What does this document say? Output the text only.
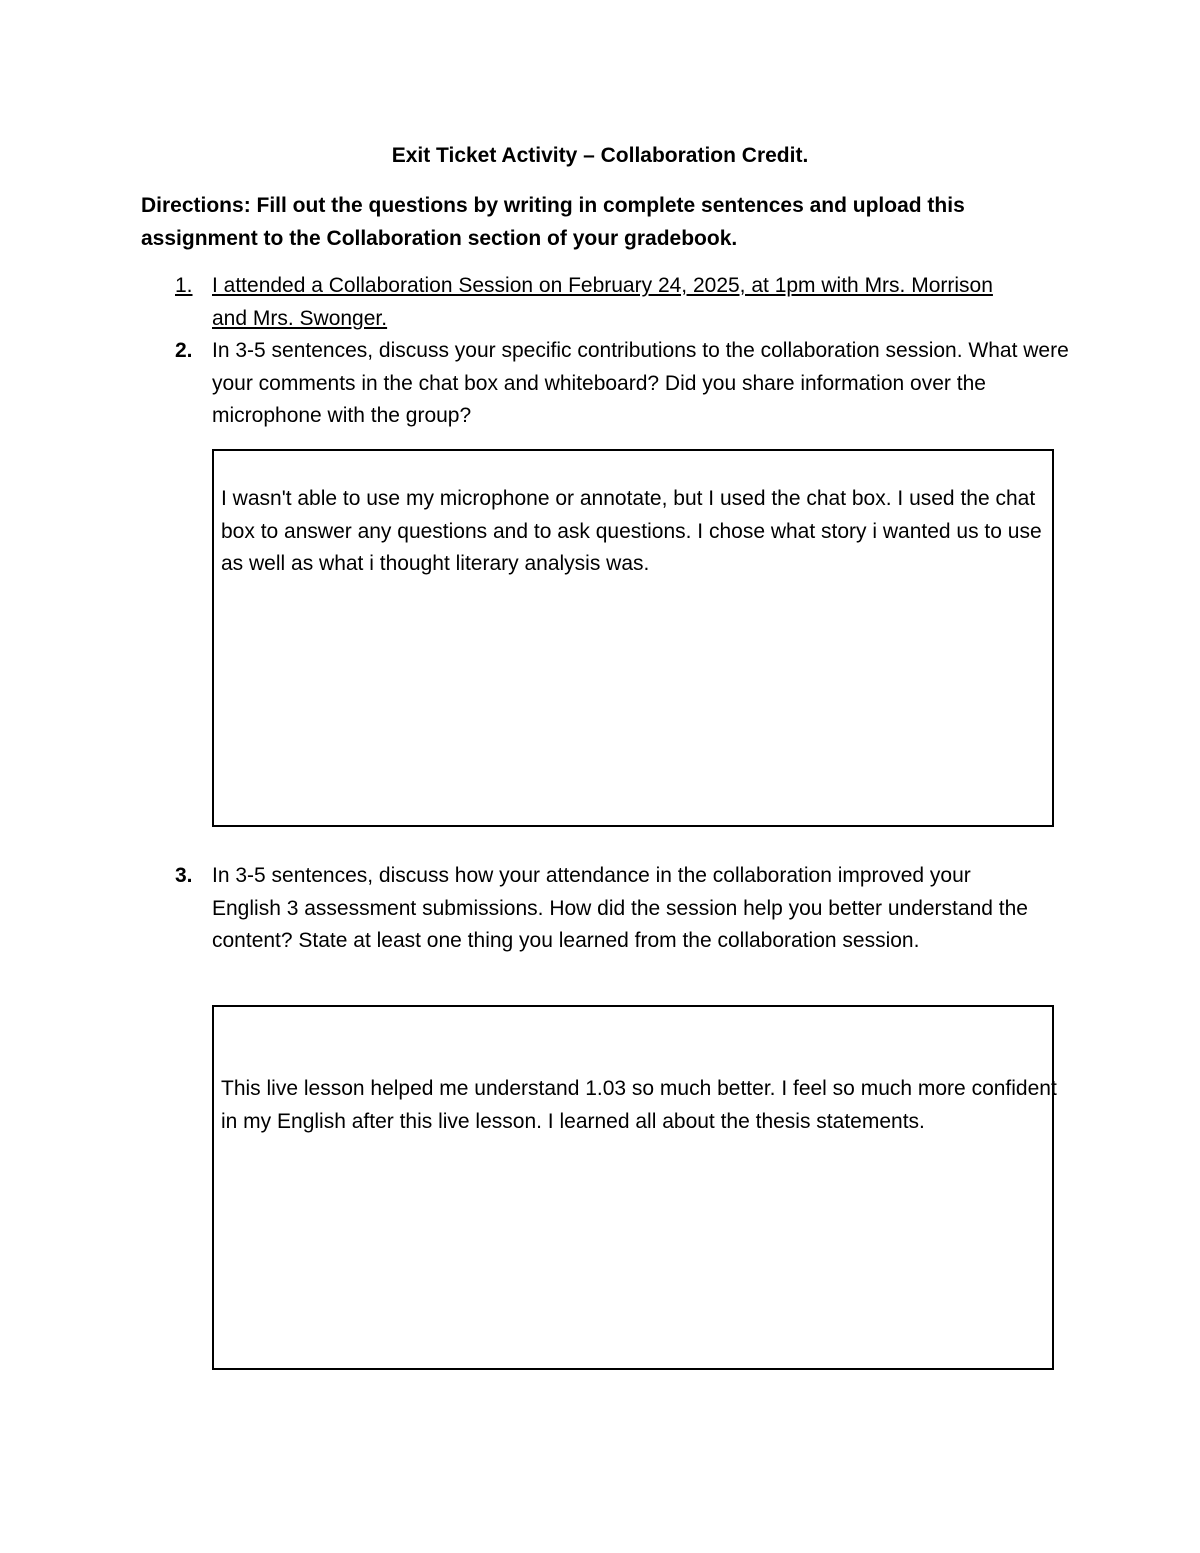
Exit Ticket Activity – Collaboration Credit.

Directions: Fill out the questions by writing in complete sentences and upload this assignment to the Collaboration section of your gradebook.

1. I attended a Collaboration Session on February 24, 2025, at 1pm with Mrs. Morrison and Mrs. Swonger.

2. In 3-5 sentences, discuss your specific contributions to the collaboration session. What were your comments in the chat box and whiteboard? Did you share information over the microphone with the group?

I wasn't able to use my microphone or annotate, but I used the chat box. I used the chat box to answer any questions and to ask questions. I chose what story i wanted us to use as well as what i thought literary analysis was.

3. In 3-5 sentences, discuss how your attendance in the collaboration improved your English 3 assessment submissions. How did the session help you better understand the content? State at least one thing you learned from the collaboration session.

This live lesson helped me understand 1.03 so much better. I feel so much more confident in my English after this live lesson. I learned all about the thesis statements.
